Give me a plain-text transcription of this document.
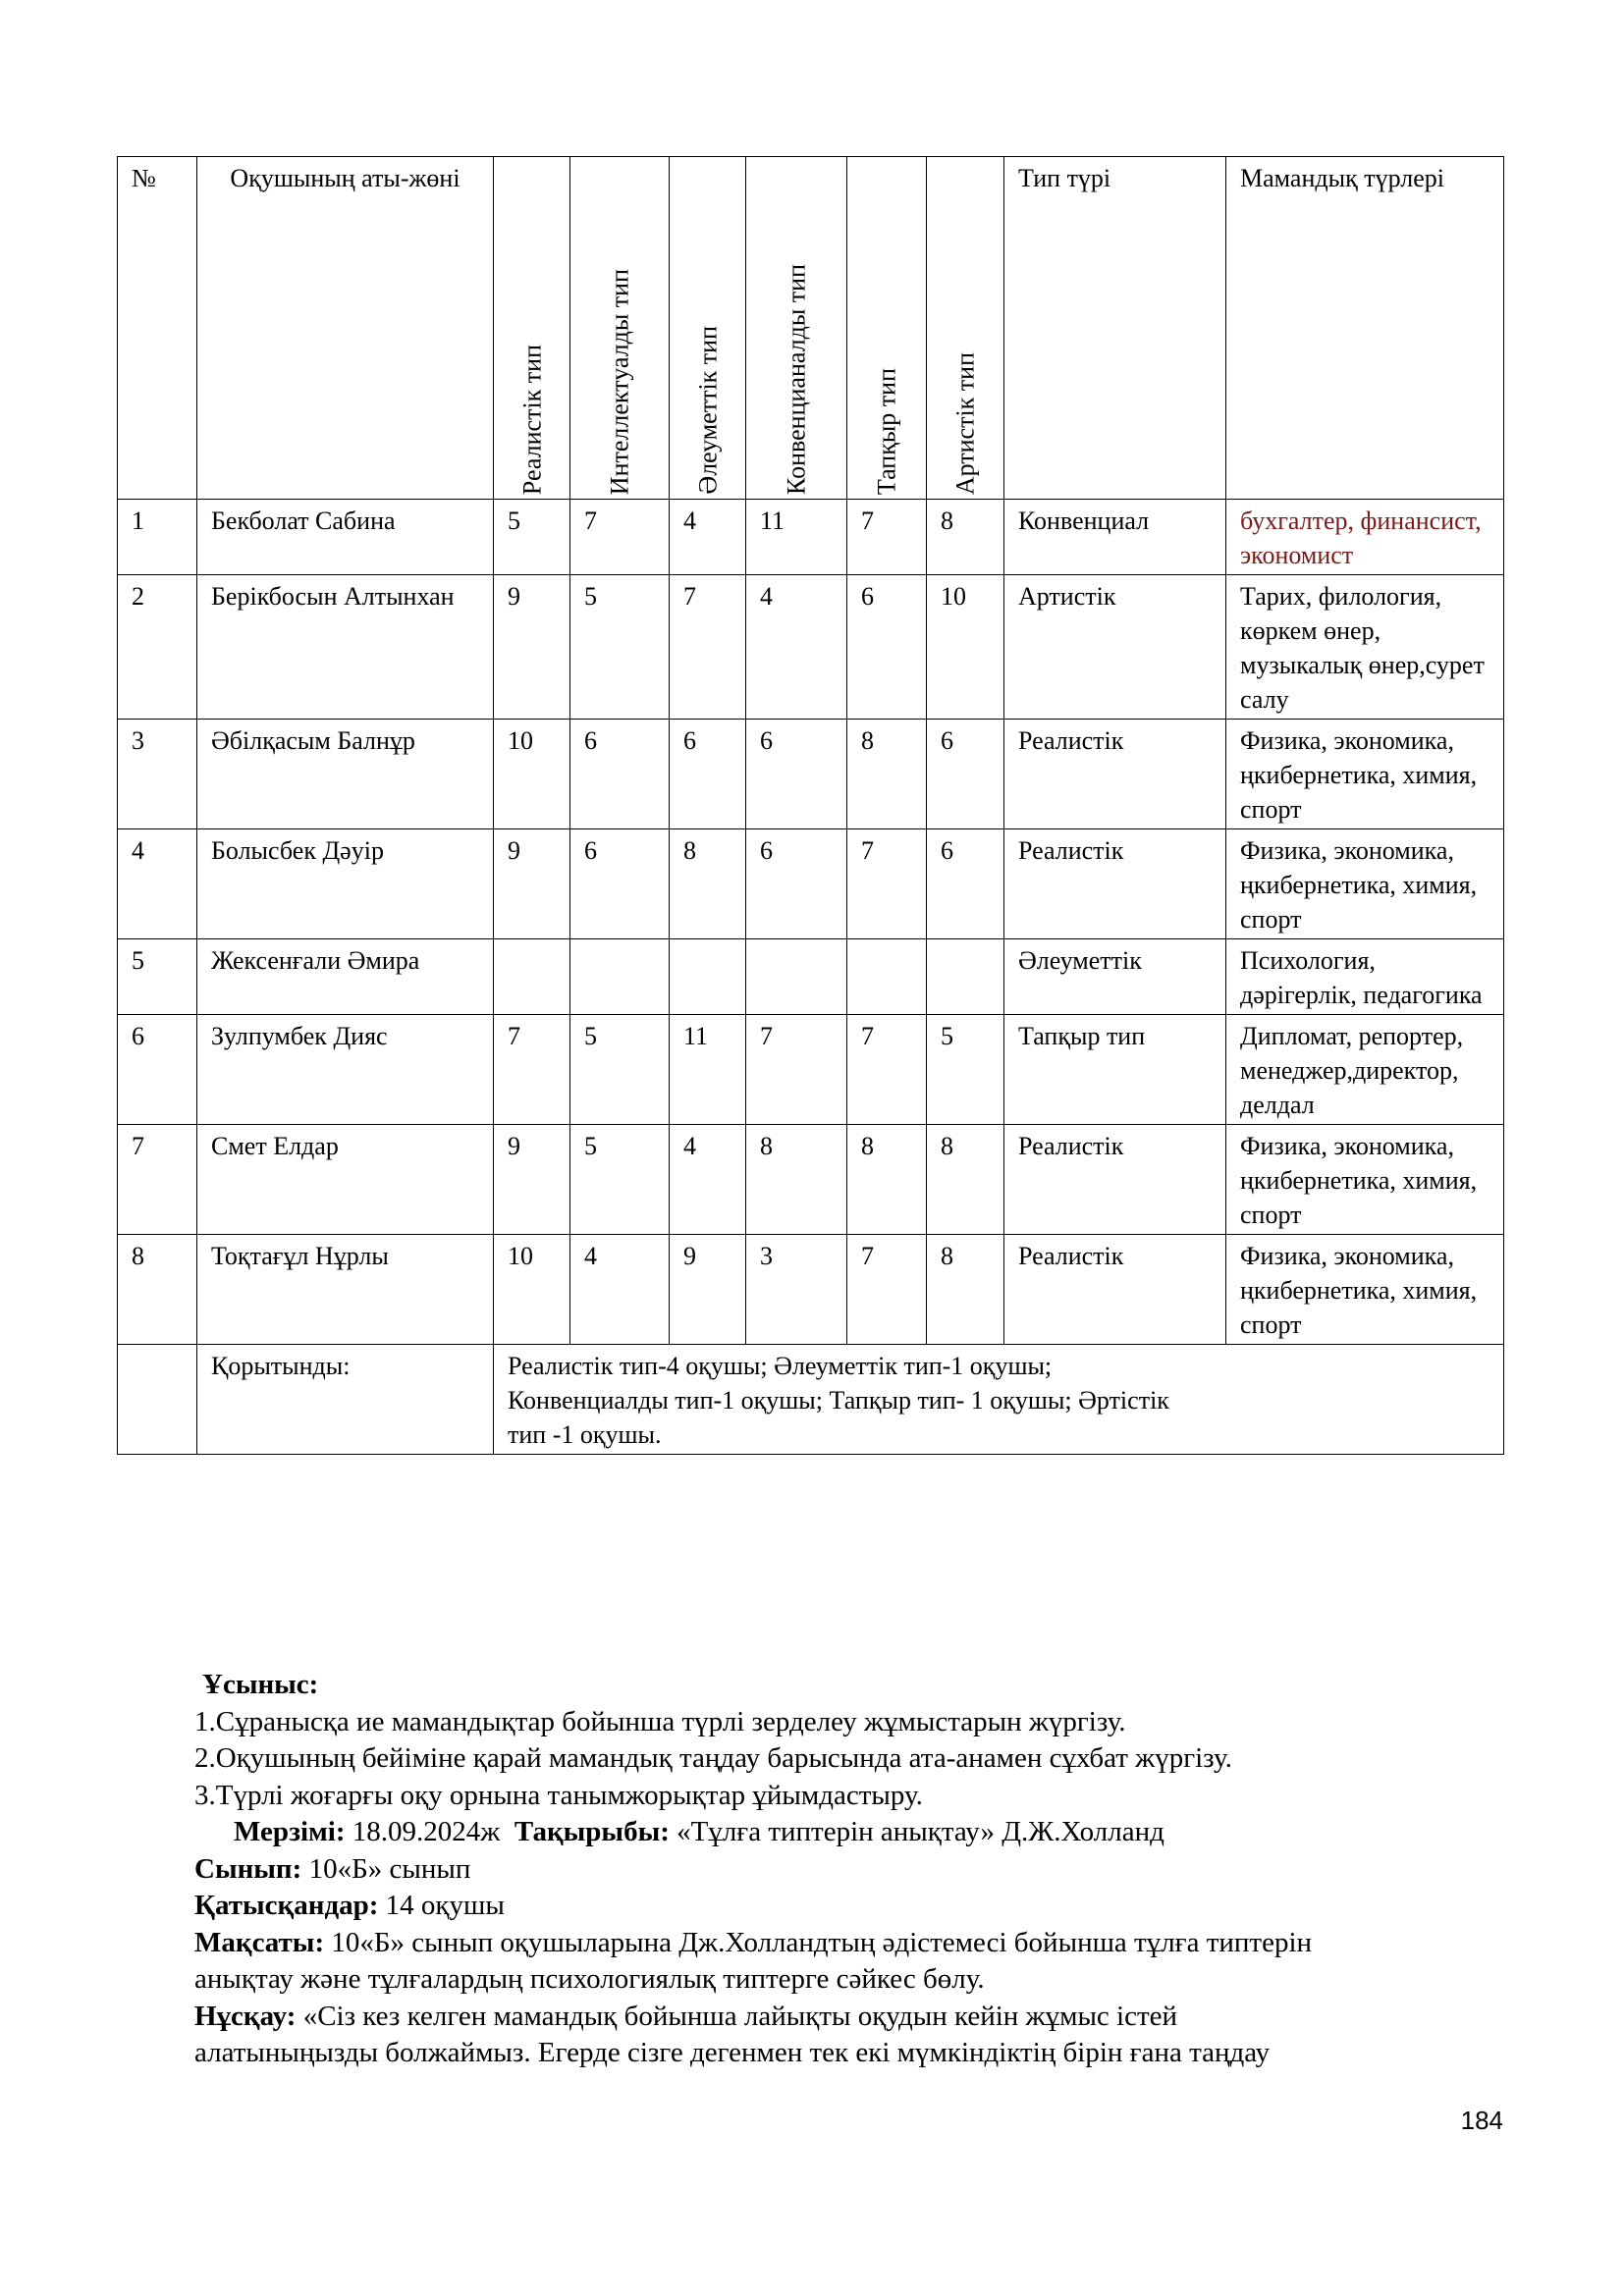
№	Оқушының аты-жөні	Реалистік тип	Интеллектуалды тип	Әлеуметтік тип	Конвенцианалды тип	Тапқыр тип	Артистік тип	Тип түрі	Мамандық түрлері
1	Бекболат Сабина	5	7	4	11	7	8	Конвенциал	бухгалтер, финансист, экономист
2	Берікбосын Алтынхан	9	5	7	4	6	10	Артистік	Тарих, филология, көркем өнер, музыкалық өнер,сурет салу
3	Әбілқасым Балнұр	10	6	6	6	8	6	Реалистік	Физика, экономика, ңкибернетика, химия, спорт
4	Болысбек Дәуір	9	6	8	6	7	6	Реалистік	Физика, экономика, ңкибернетика, химия, спорт
5	Жексенғали Әмира							Әлеуметтік	Психология, дәрігерлік, педагогика
6	Зулпумбек Дияс	7	5	11	7	7	5	Тапқыр тип	Дипломат, репортер, менеджер,директор, делдал
7	Смет Елдар	9	5	4	8	8	8	Реалистік	Физика, экономика, ңкибернетика, химия, спорт
8	Тоқтағұл Нұрлы	10	4	9	3	7	8	Реалистік	Физика, экономика, ңкибернетика, химия, спорт
	Қорытынды:	Реалистік тип-4 оқушы; Әлеуметтік тип-1 оқушы; Конвенциалды тип-1 оқушы; Тапқыр тип- 1 оқушы; Әртістік тип -1 оқушы.							

Ұсыныс:

1.Сұранысқа ие мамандықтар бойынша түрлі зерделеу жұмыстарын жүргізу.

2.Оқушының бейіміне қарай мамандық таңдау барысында ата-анамен сұхбат жүргізу.

3.Түрлі жоғарғы оқу орнына танымжорықтар ұйымдастыру.

Мерзімі: 18.09.2024ж Тақырыбы: «Тұлға типтерін анықтау» Д.Ж.Холланд

Сынып: 10«Б» сынып

Қатысқандар: 14 оқушы

Мақсаты: 10«Б» сынып оқушыларына Дж.Холландтың әдістемесі бойынша тұлға типтерін

анықтау және тұлғалардың психологиялық типтерге сәйкес бөлу.

Нұсқау: «Сіз кез келген мамандық бойынша лайықты оқудын кейін жұмыс істей

алатыныңызды болжаймыз. Егерде сізге дегенмен тек екі мүмкіндіктің бірін ғана таңдау

184
